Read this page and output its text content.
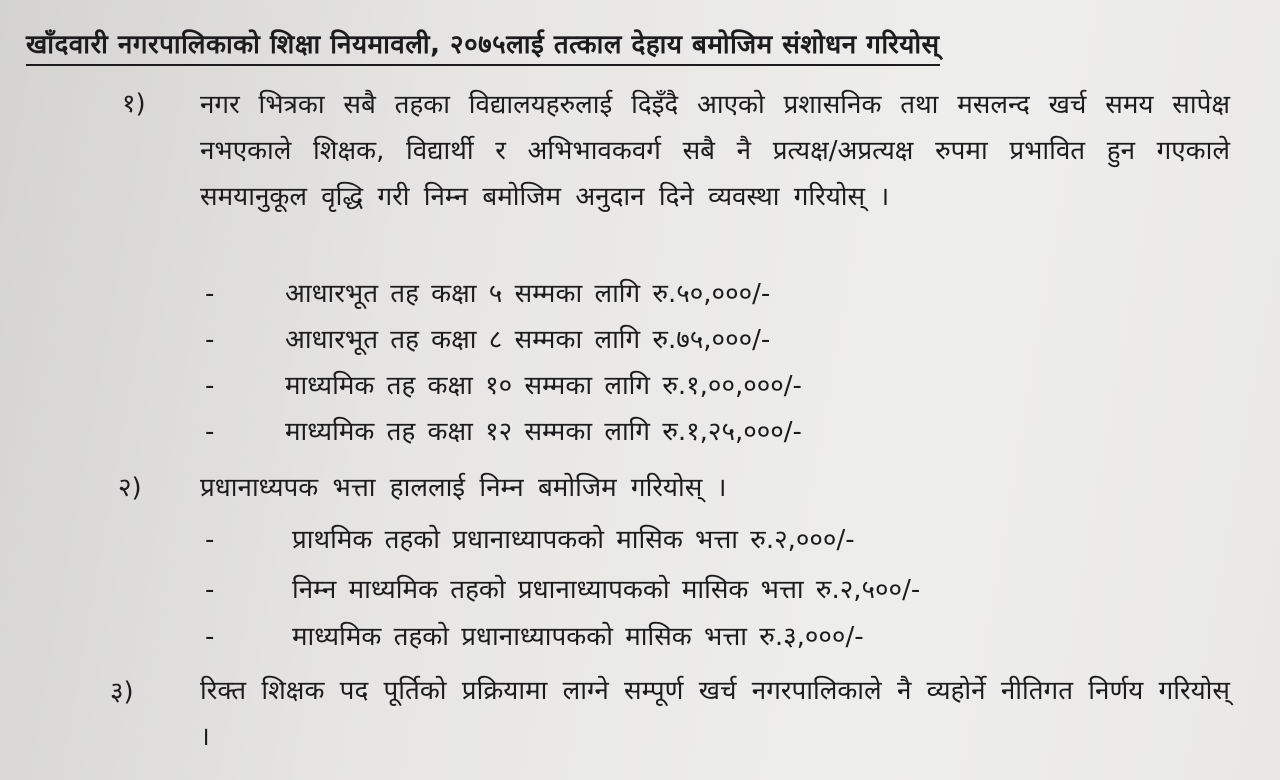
खाँदवारी नगरपालिकाको शिक्षा नियमावली, २०७५लाई तत्काल देहाय बमोजिम संशोधन गरियोस्
१) नगर भित्रका सबै तहका विद्यालयहरुलाई दिइँदै आएको प्रशासनिक तथा मसलन्द खर्च समय सापेक्ष नभएकाले शिक्षक, विद्यार्थी र अभिभावकवर्ग सबै नै प्रत्यक्ष/अप्रत्यक्ष रुपमा प्रभावित हुन गएकाले समयानुकूल वृद्धि गरी निम्न बमोजिम अनुदान दिने व्यवस्था गरियोस् ।
-	आधारभूत तह कक्षा ५ सम्मका लागि रु.५०,०००/-
-	आधारभूत तह कक्षा ८ सम्मका लागि रु.७५,०००/-
-	माध्यमिक तह कक्षा १० सम्मका लागि रु.१,००,०००/-
-	माध्यमिक तह कक्षा १२ सम्मका लागि रु.१,२५,०००/-
२) प्रधानाध्यपक भत्ता हाललाई निम्न बमोजिम गरियोस् ।
-	प्राथमिक तहको प्रधानाध्यापकको मासिक भत्ता रु.२,०००/-
-	निम्न माध्यमिक तहको प्रधानाध्यापकको मासिक भत्ता रु.२,५००/-
-	माध्यमिक तहको प्रधानाध्यापकको मासिक भत्ता रु.३,०००/-
३)	रिक्त शिक्षक पद पूर्तिको प्रक्रियामा लाग्ने सम्पूर्ण खर्च नगरपालिकाले नै व्यहोर्ने नीतिगत निर्णय गरियोस् ।
